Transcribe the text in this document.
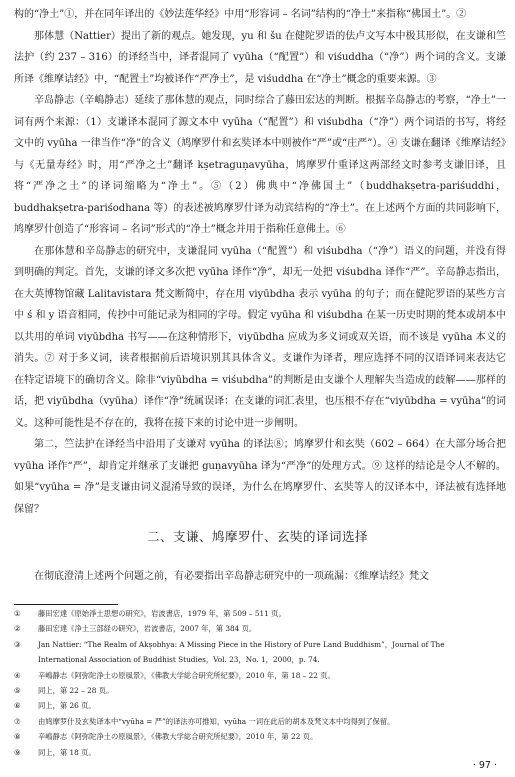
构的“净土”①，并在同年译出的《妙法莲华经》中用“形容词 – 名词”结构的“净土”来指称“佛国土”。②

那体慧（Nattier）提出了新的观点。她发现，yu 和 šu 在健陀罗语的佉卢文写本中极其形似，在支谦和竺法护（约 237 – 316）的译经当中，译者混同了 vyūha（“配置”）和 viśuddha（“净”）两个词的含义。支谦所译《维摩诘经》中，“配置土”均被译作“严净土”，是 viśuddha 在“净土”概念的重要来源。③

辛岛静志（辛嶋静志）延续了那体慧的观点，同时综合了藤田宏达的判断。根据辛岛静志的考察，“净土”一词有两个来源：（1）支谦译本混同了源文本中 vyūha（“配置”）和 viśubdha（“净”）两个词语的书写，将经文中的 vyūha 一律当作“净”的含义（鸠摩罗什和玄奘译本中则被作“严”或“庄严”）。④ 支谦在翻译《维摩诘经》与《无量寿经》时，用“严净之土”翻译 kṣetraguṇavyūha，鸠摩罗什重译这两部经文时参考支谦旧译，且将“严净之土”的译词缩略为“净土”。⑤（2）佛典中“净佛国土”（buddhakṣetra-pariśuddhi，buddhakṣetra-pariśodhana 等）的表述被鸠摩罗什译为动宾结构的“净土”。在上述两个方面的共同影响下，鸠摩罗什创造了“形容词 – 名词”形式的“净土”概念并用于指称任意佛土。⑥

在那体慧和辛岛静志的研究中，支谦混同 vyūha（“配置”）和 viśubdha（“净”）语义的问题，并没有得到明确的判定。首先，支谦的译文多次把 vyūha 译作“净”，却无一处把 viśubdha 译作“严”。辛岛静志指出，在大英博物馆藏 Lalitavistara 梵文断简中，存在用 viyūbdha 表示 vyūha 的句子；而在健陀罗语的某些方言中 ś 和 y 语音相同，传抄中可能记录为相同的字母。假定 vyūha 和 viśubdha 在某一历史时期的梵本或胡本中以共用的单词 viyūbdha 书写——在这种情形下，viyūbdha 应成为多义词或双关语，而不该是 vyūha 本义的消失。⑦ 对于多义词，读者根据前后语境识别其具体含义。支谦作为译者，理应选择不同的汉语译词来表达它在特定语境下的确切含义。除非“viyūbdha = viśubdha”的判断是由支谦个人理解失当造成的歧解——那样的话，把 viyūbdha（vyūha）译作“净”统属误译：在支谦的词汇表里，也压根不存在“viyūbdha = vyūha”的词义。这种可能性是不存在的，我将在接下来的讨论中进一步阐明。

第二，竺法护在译经当中沿用了支谦对 vyūha 的译法⑧；鸠摩罗什和玄奘（602 – 664）在大部分场合把 vyūha 译作“严”，却肯定并继承了支谦把 guṇavyūha 译为“严净”的处理方式。⑨ 这样的结论是令人不解的。如果“vyūha = 净”是支谦由词义混淆导致的误译，为什么在鸠摩罗什、玄奘等人的汉译本中，译法被有选择地保留？

二、支谦、鸠摩罗什、玄奘的译词选择

在彻底澄清上述两个问题之前，有必要指出辛岛静志研究中的一项疏漏：《维摩诘经》梵文

①	藤田宏達《原始淨土思想の研究》，岩波書店，1979 年，第 509 – 511 页。
②	藤田宏達《浄土三部経の研究》，岩波書店，2007 年，第 384 页。
③	Jan Nattier: “The Realm of Akṣobhya: A Missing Piece in the History of Pure Land Buddhism”，Journal of The
International Association of Buddhist Studies，Vol. 23，No. 1，2000，p. 74.
④	辛嶋静志《阿弥陀浄土の原風景》，《佛教大学総合研究所紀要》，2010 年，第 18 – 22 页。
⑤	同上，第 22 – 28 页。
⑥	同上，第 26 页。
⑦	由鸠摩罗什及玄奘译本中“vyūha = 严”的译法亦可推知，vyūha 一词在此后的胡本及梵文本中均得到了保留。
⑧	辛嶋静志《阿弥陀浄土の原風景》，《佛教大学総合研究所紀要》，2010 年，第 22 页。
⑨	同上，第 18 页。
· 97 ·
